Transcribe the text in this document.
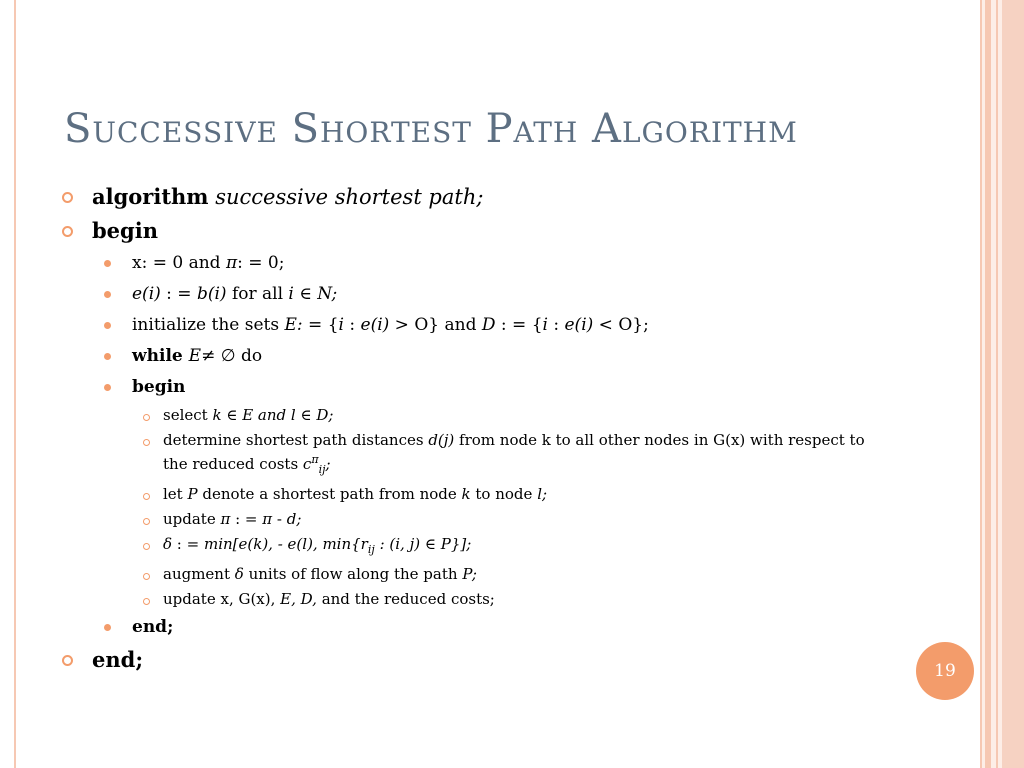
Successive Shortest Path Algorithm
algorithm successive shortest path;
begin
x: = 0 and π: = 0;
e(i) : = b(i) for all i ∈ N;
initialize the sets E: = {i : e(i) > O} and D : = {i : e(i) < O};
while E≠ ∅ do
begin
select k ∈ E and l ∈ D;
determine shortest path distances d(j) from node k to all other nodes in G(x) with respect to the reduced costs $c^\pi_{ij}$;
let P denote a shortest path from node k to node l;
update π : = π - d;
δ : = min[e(k), - e(l), $\min\{r_{ij}$ : (i, j) ∈ P}];
augment δ units of flow along the path P;
update x, G(x), E, D, and the reduced costs;
end;
end;	19
